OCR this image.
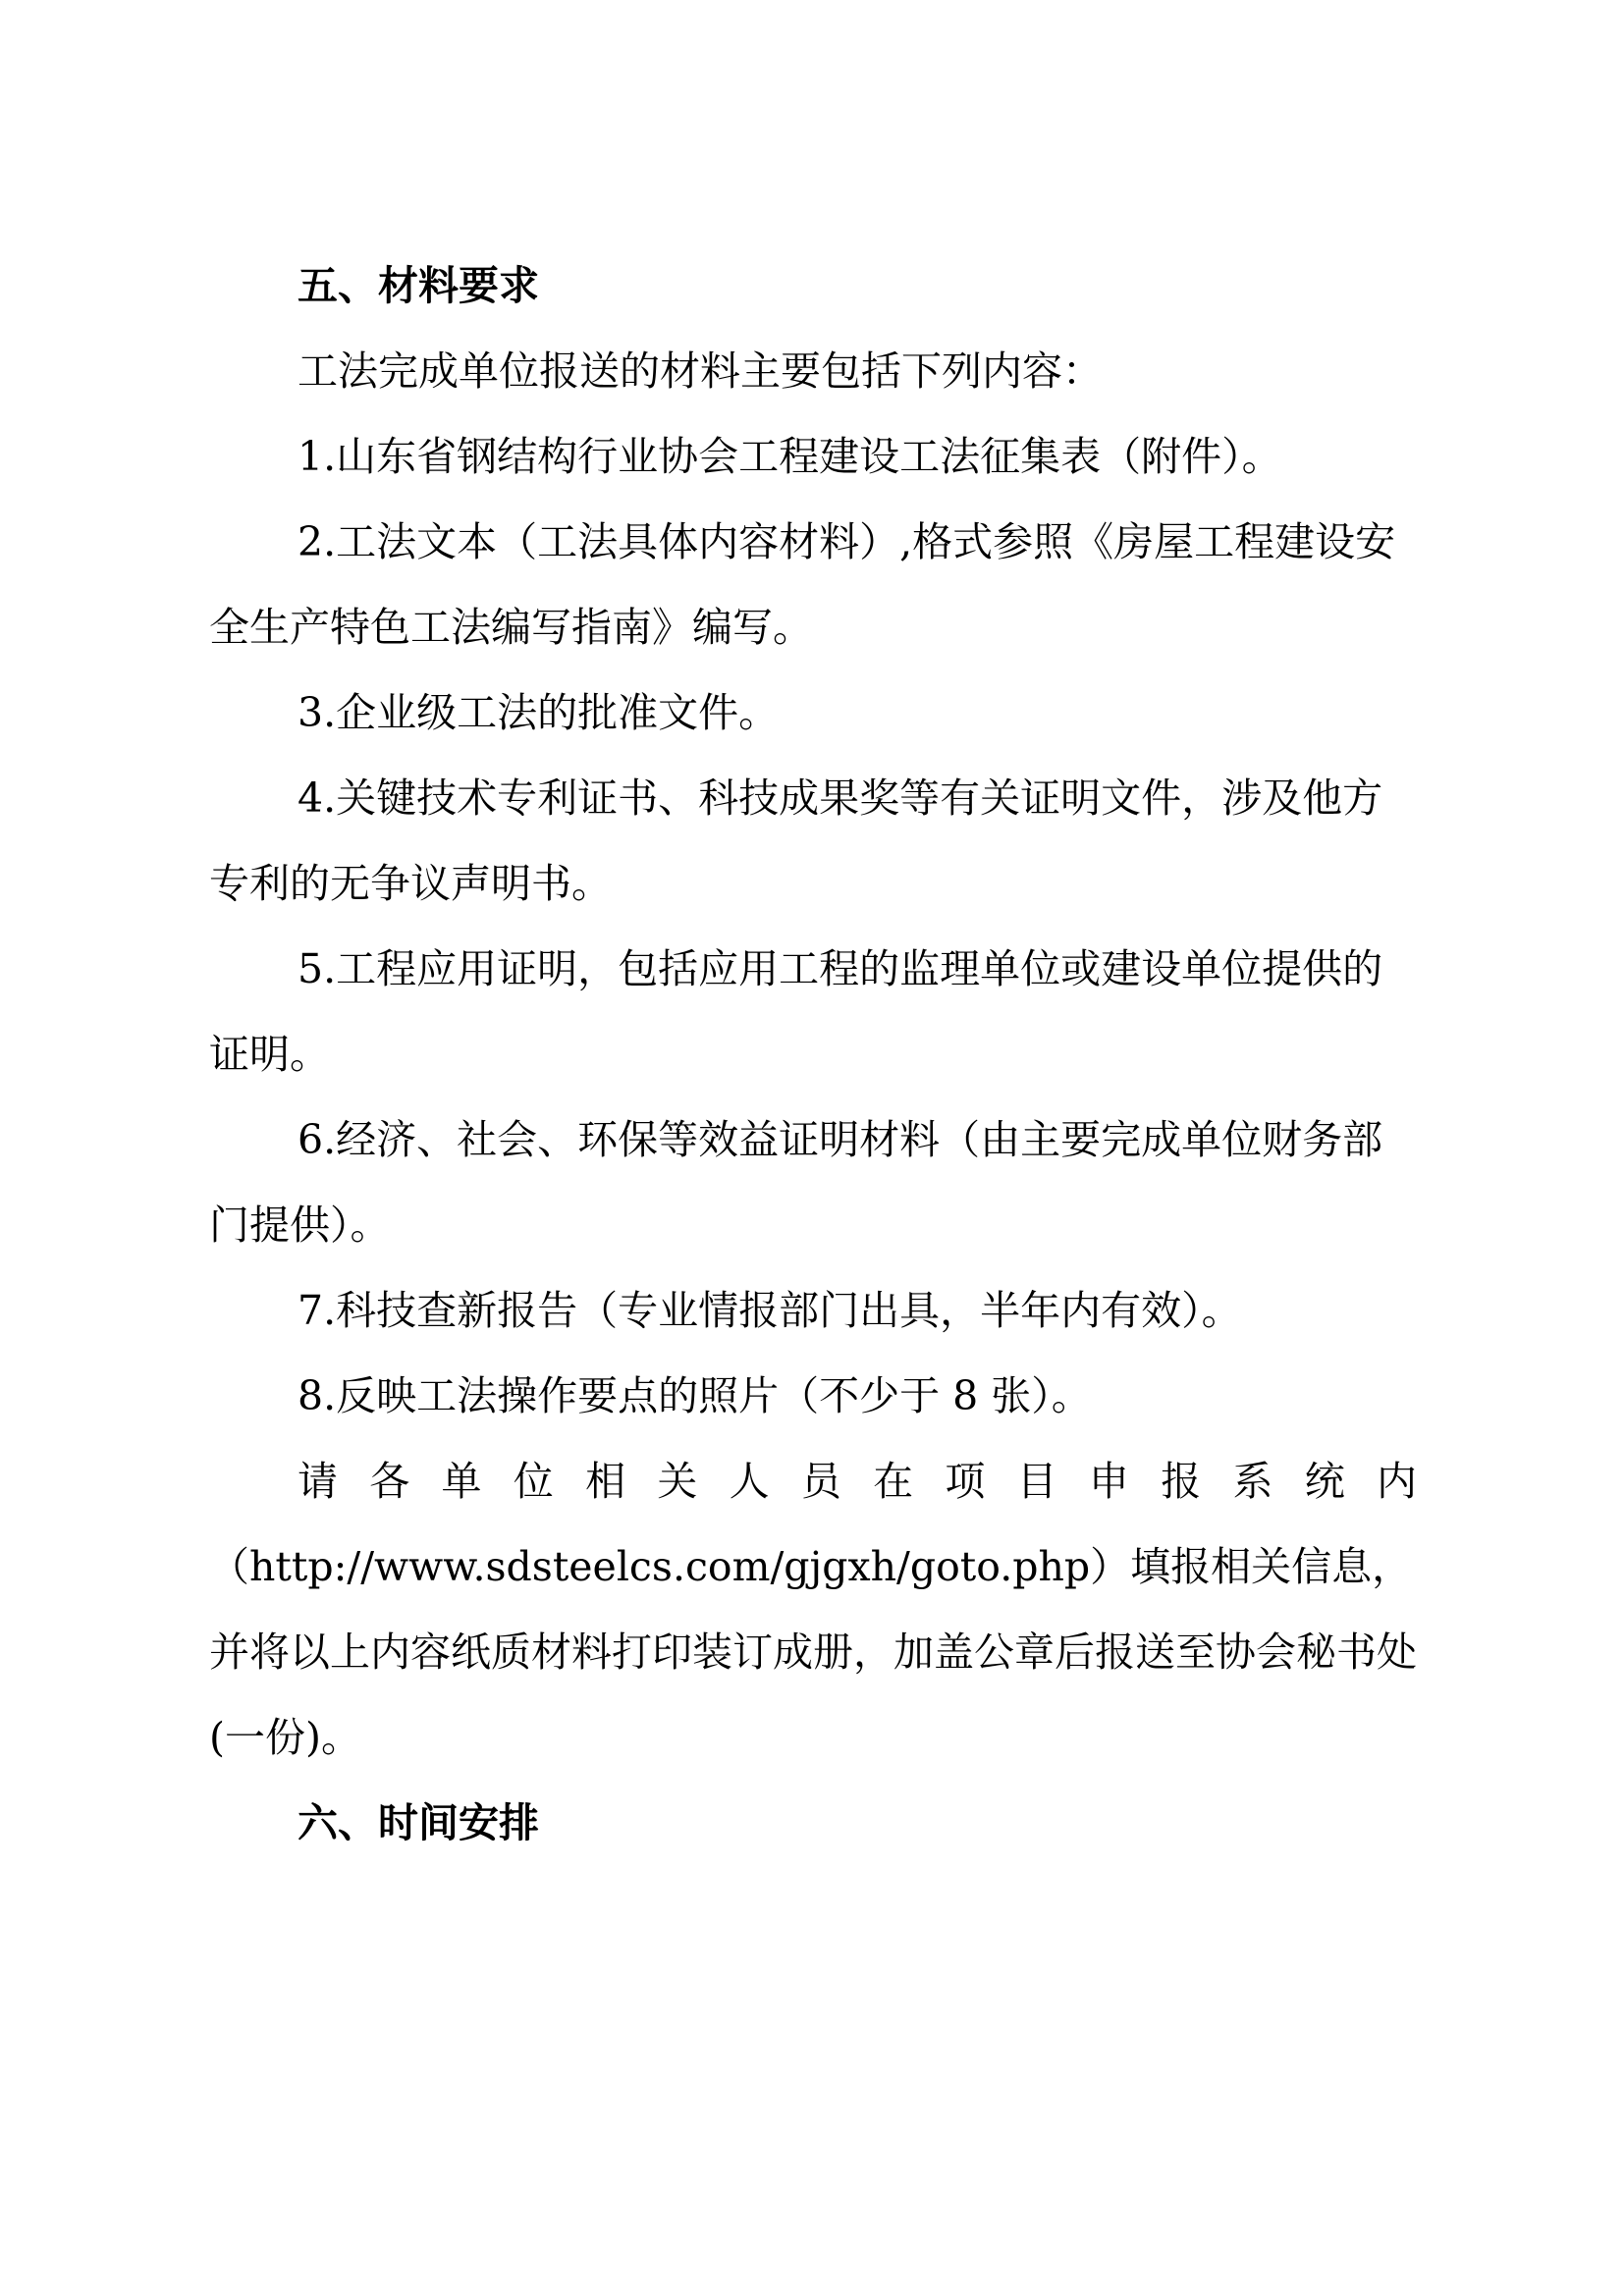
五、材料要求

工法完成单位报送的材料主要包括下列内容：

1.山东省钢结构行业协会工程建设工法征集表（附件）。

2.工法文本（工法具体内容材料）,格式参照《房屋工程建设安全生产特色工法编写指南》编写。

3.企业级工法的批准文件。

4.关键技术专利证书、科技成果奖等有关证明文件，涉及他方专利的无争议声明书。

5.工程应用证明，包括应用工程的监理单位或建设单位提供的证明。

6.经济、社会、环保等效益证明材料（由主要完成单位财务部门提供）。

7.科技查新报告（专业情报部门出具，半年内有效）。

8.反映工法操作要点的照片（不少于 8 张）。

请各单位相关人员在项目申报系统内

（http://www.sdsteelcs.com/gjgxh/goto.php）填报相关信息，并将以上内容纸质材料打印装订成册，加盖公章后报送至协会秘书处(一份)。

六、时间安排
